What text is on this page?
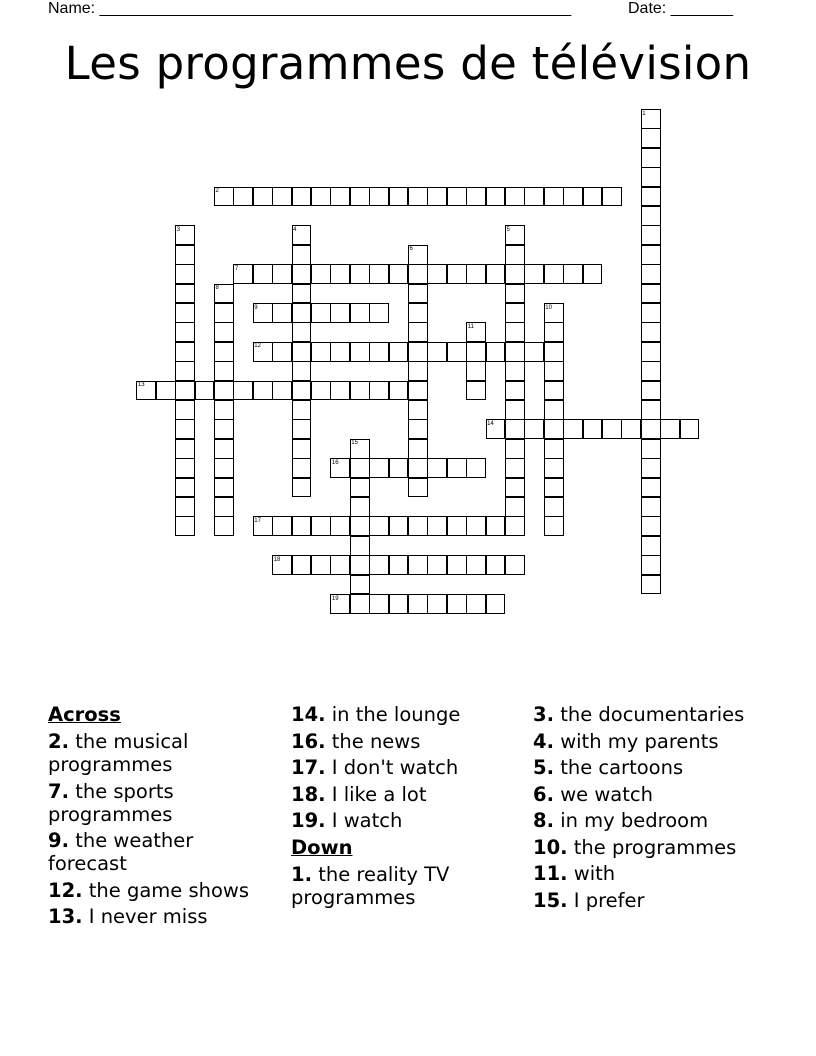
Name: _____________________________________________________	Date: _______
Les programmes de télévision
1
2
3	4	5
6
7
8
9	10
11
12
13
14
15
16
17
18
19
Across
2. the musical programmes
7. the sports programmes
9. the weather forecast
12. the game shows
13. I never miss
14. in the lounge
16. the news
17. I don't watch
18. I like a lot
19. I watch
Down
1. the reality TV programmes
3. the documentaries
4. with my parents
5. the cartoons
6. we watch
8. in my bedroom
10. the programmes
11. with
15. I prefer
